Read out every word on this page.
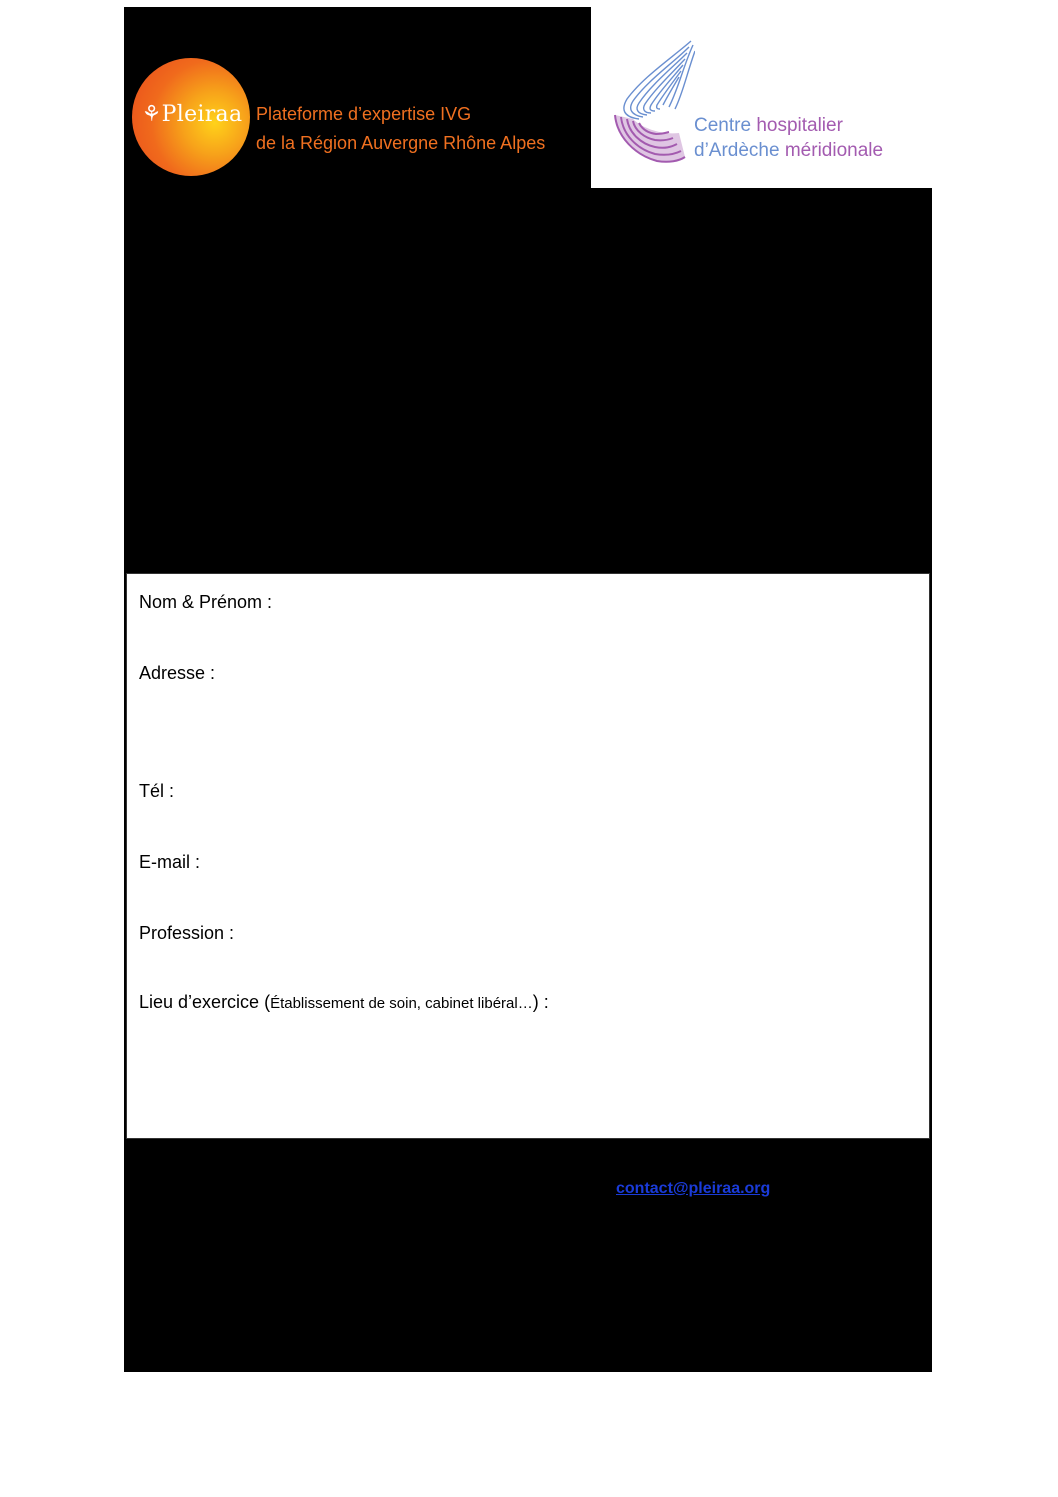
⚘Pleiraa Plateforme d’expertise IVG
de la Région Auvergne Rhône Alpes
Centre hospitalier
d’Ardèche méridionale
Nom & Prénom :
Adresse :
Tél :
E-mail :
Profession :
Lieu d’exercice (Établissement de soin, cabinet libéral…) :
contact@pleiraa.org
